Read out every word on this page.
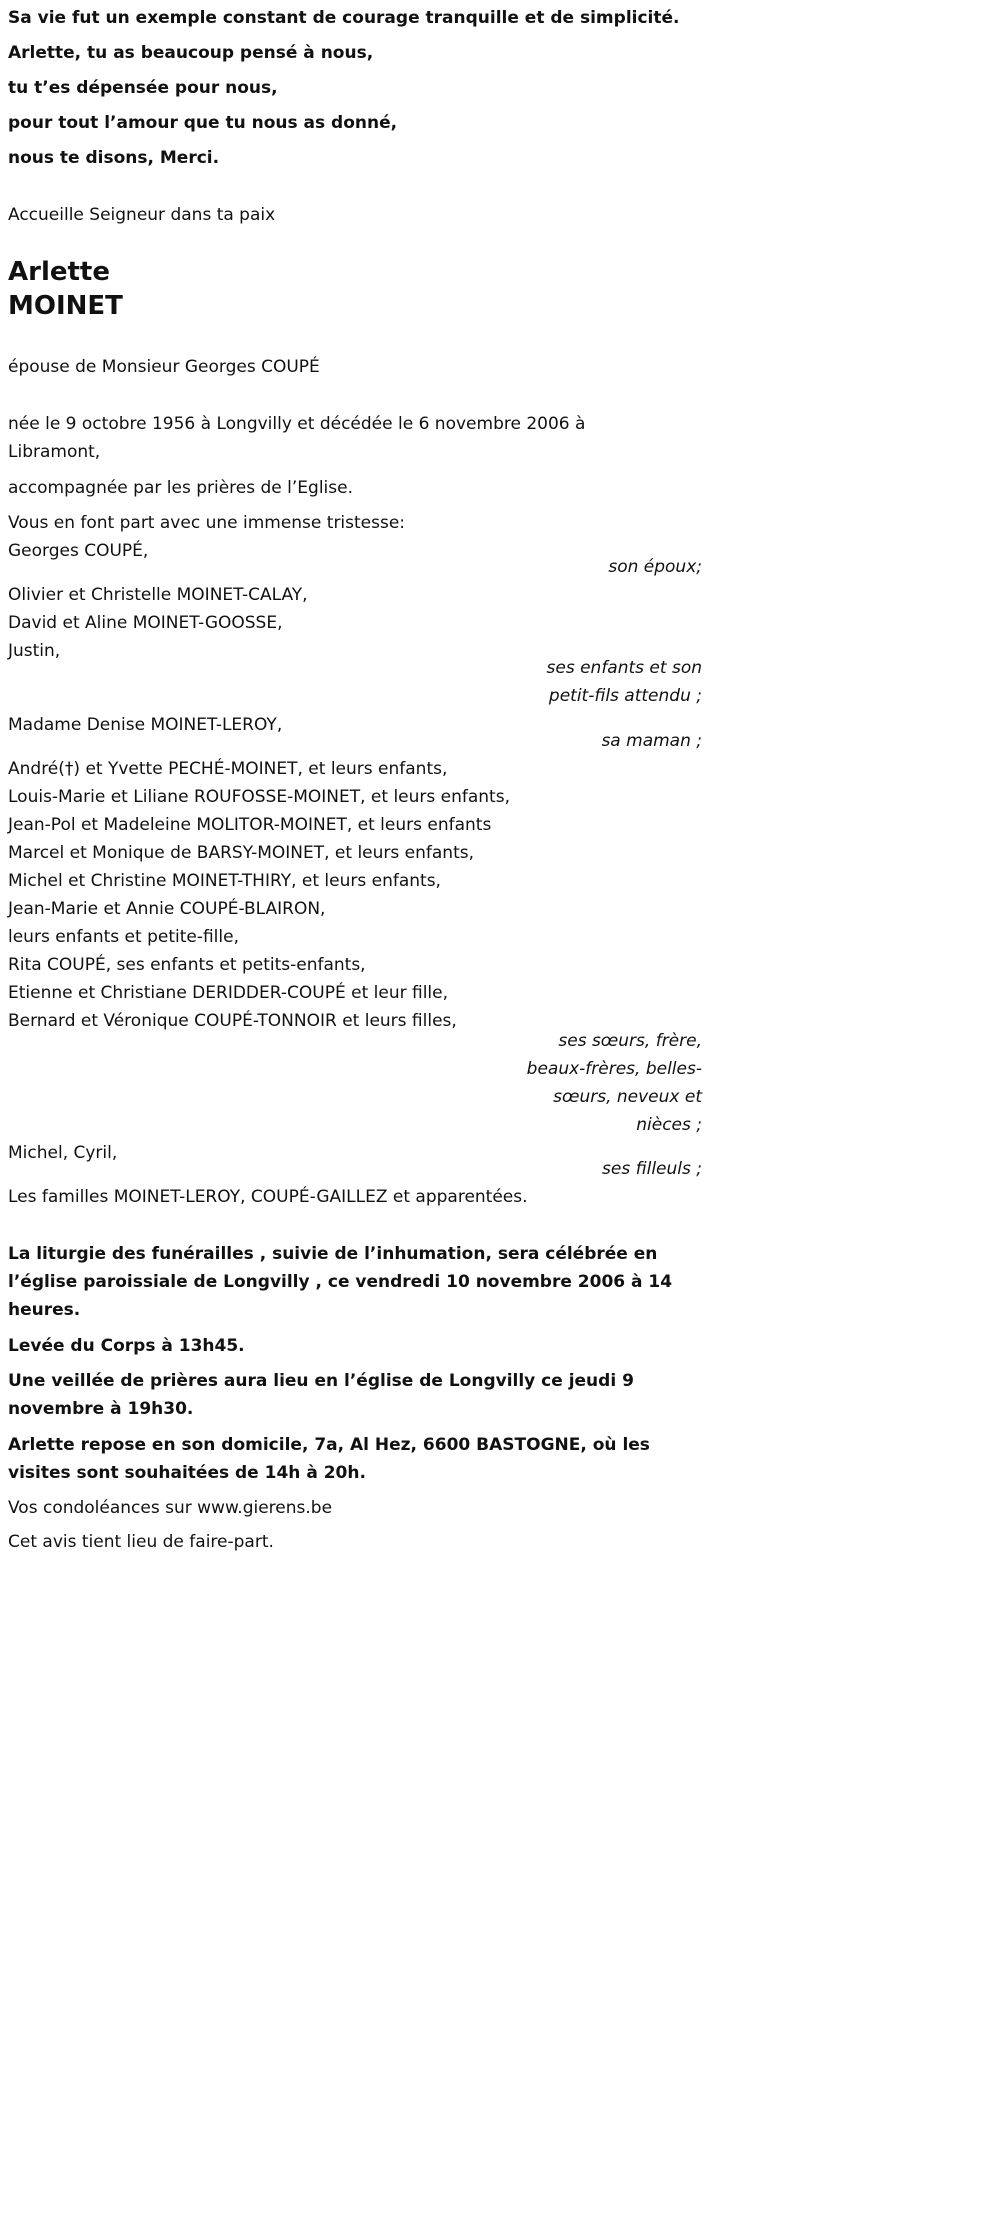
Sa vie fut un exemple constant de courage tranquille et de simplicité.

Arlette, tu as beaucoup pensé à nous,

tu t’es dépensée pour nous,

pour tout l’amour que tu nous as donné,

nous te disons, Merci.

Accueille Seigneur dans ta paix

Arlette
MOINET

épouse de Monsieur Georges COUPÉ

née le 9 octobre 1956 à Longvilly et décédée le 6 novembre 2006 à Libramont,

accompagnée par les prières de l’Eglise.

Vous en font part avec une immense tristesse:

Georges COUPÉ,

son époux;

Olivier et Christelle MOINET-CALAY,

David et Aline MOINET-GOOSSE,

Justin,

ses enfants et son petit-fils attendu ;

Madame Denise MOINET-LEROY,

sa maman ;

André(†) et Yvette PECHÉ-MOINET, et leurs enfants,

Louis-Marie et Liliane ROUFOSSE-MOINET, et leurs enfants,

Jean-Pol et Madeleine MOLITOR-MOINET, et leurs enfants

Marcel et Monique de BARSY-MOINET, et leurs enfants,

Michel et Christine MOINET-THIRY, et leurs enfants,

Jean-Marie et Annie COUPÉ-BLAIRON,

leurs enfants et petite-fille,

Rita COUPÉ, ses enfants et petits-enfants,

Etienne et Christiane DERIDDER-COUPÉ et leur fille,

Bernard et Véronique COUPÉ-TONNOIR et leurs filles,

ses sœurs, frère, beaux-frères, belles-sœurs, neveux et nièces ;

Michel, Cyril,

ses filleuls ;

Les familles MOINET-LEROY, COUPÉ-GAILLEZ et apparentées.

La liturgie des funérailles , suivie de l’inhumation, sera célébrée en l’église paroissiale de Longvilly , ce vendredi 10 novembre 2006 à 14 heures.

Levée du Corps à 13h45.

Une veillée de prières aura lieu en l’église de Longvilly ce jeudi 9 novembre à 19h30.

Arlette repose en son domicile, 7a, Al Hez, 6600 BASTOGNE, où les visites sont souhaitées de 14h à 20h.

Vos condoléances sur www.gierens.be

Cet avis tient lieu de faire-part.
